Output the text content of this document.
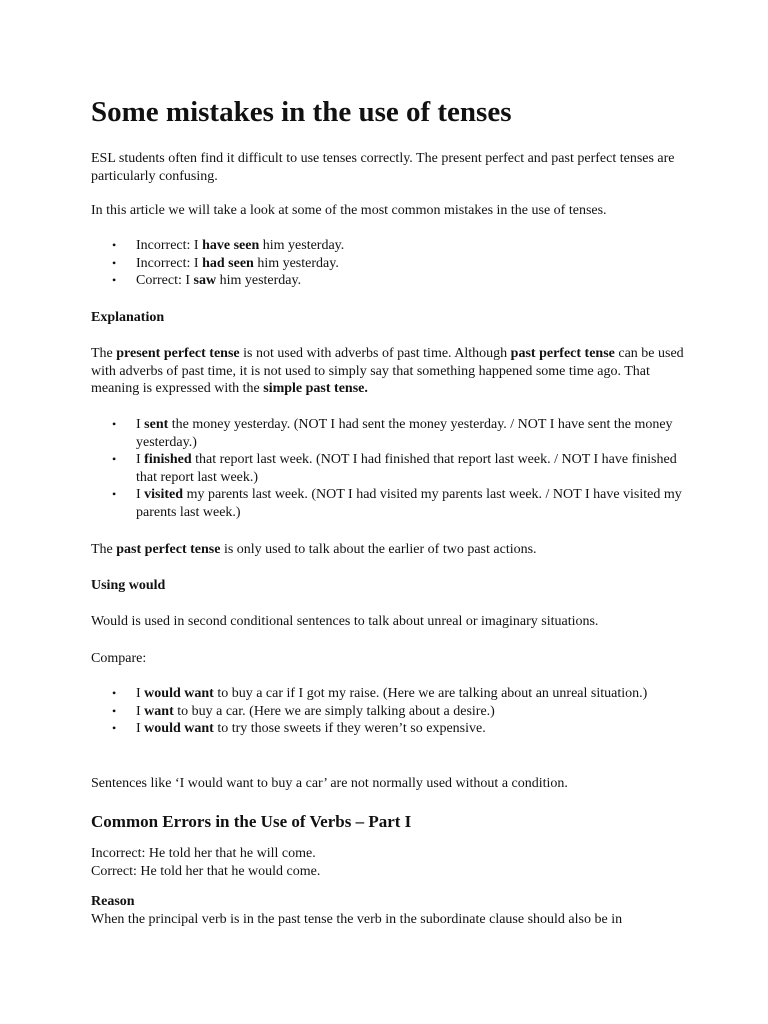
Some mistakes in the use of tenses

ESL students often find it difficult to use tenses correctly. The present perfect and past perfect tenses are particularly confusing.

In this article we will take a look at some of the most common mistakes in the use of tenses.

• Incorrect: I have seen him yesterday.
• Incorrect: I had seen him yesterday.
• Correct: I saw him yesterday.

Explanation

The present perfect tense is not used with adverbs of past time. Although past perfect tense can be used with adverbs of past time, it is not used to simply say that something happened some time ago. That meaning is expressed with the simple past tense.

• I sent the money yesterday. (NOT I had sent the money yesterday. / NOT I have sent the money yesterday.)
• I finished that report last week. (NOT I had finished that report last week. / NOT I have finished that report last week.)
• I visited my parents last week. (NOT I had visited my parents last week. / NOT I have visited my parents last week.)

The past perfect tense is only used to talk about the earlier of two past actions.

Using would

Would is used in second conditional sentences to talk about unreal or imaginary situations.

Compare:

• I would want to buy a car if I got my raise. (Here we are talking about an unreal situation.)
• I want to buy a car. (Here we are simply talking about a desire.)
• I would want to try those sweets if they weren’t so expensive.

Sentences like ‘I would want to buy a car’ are not normally used without a condition.

Common Errors in the Use of Verbs – Part I

Incorrect: He told her that he will come.

Correct: He told her that he would come.

Reason

When the principal verb is in the past tense the verb in the subordinate clause should also be in
